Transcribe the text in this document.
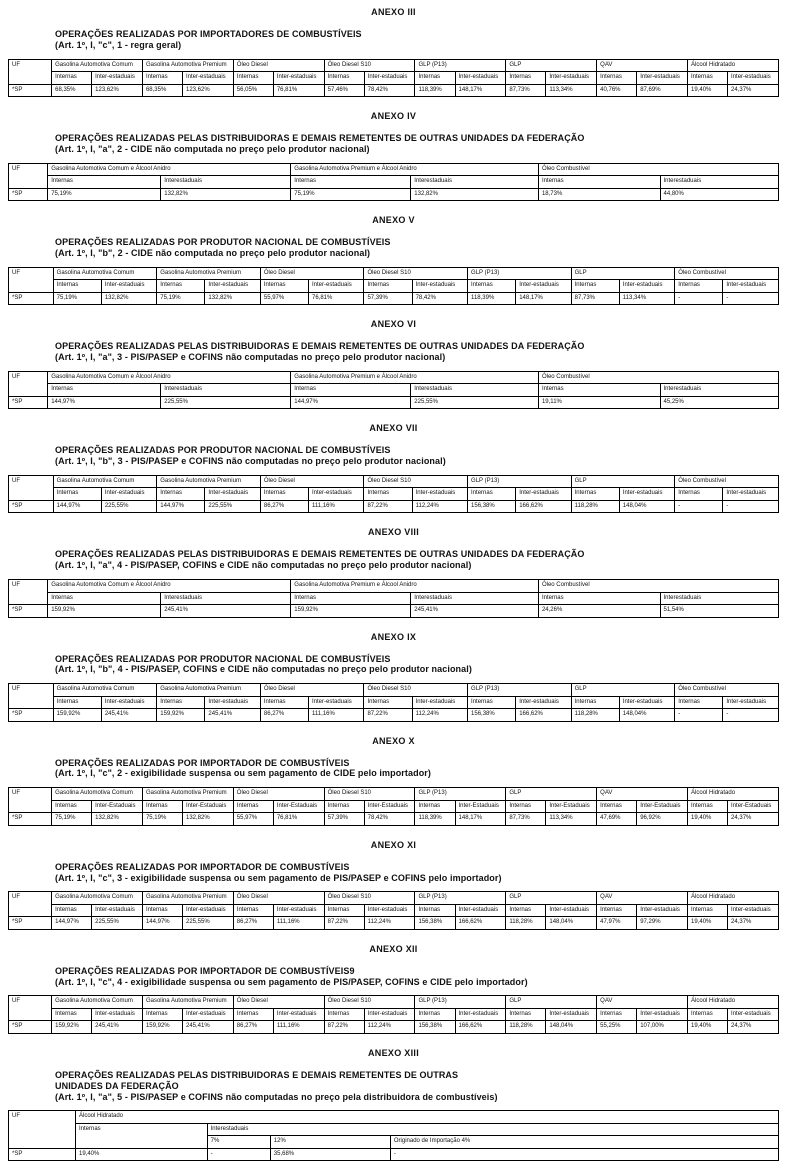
ANEXO III
OPERAÇÕES REALIZADAS POR IMPORTADORES DE COMBUSTÍVEIS
(Art. 1º, I, "c", 1 - regra geral)
UF	Gasolina Automotiva Comum		Gasolina Automotiva Premium		Óleo Diesel		Óleo Diesel S10		GLP (P13)		GLP		QAV		Álcool Hidratado	
	Internas	Inter-estaduais	Internas	Inter-estaduais	Internas	Inter-estaduais	Internas	Inter-estaduais	Internas	Inter-estaduais	Internas	Inter-estaduais	Internas	Inter-estaduais	Internas	Inter-estaduais
*SP	68,35%	123,62%	68,35%	123,62%	56,05%	76,81%	57,46%	78,42%	118,39%	148,17%	87,73%	113,34%	40,76%	87,69%	19,40%	24,37%
ANEXO IV
OPERAÇÕES REALIZADAS PELAS DISTRIBUIDORAS E DEMAIS REMETENTES DE OUTRAS UNIDADES DA FEDERAÇÃO
(Art. 1º, I, "a", 2 - CIDE não computada no preço pelo produtor nacional)
UF	Gasolina Automotiva Comum e Álcool Anidro		Gasolina Automotiva Premium e Álcool Anidro		Óleo Combustível	
	Internas	Interestaduais	Internas	Interestaduais	Internas	Interestaduais
*SP	75,19%	132,82%	75,19%	132,82%	18,73%	44,80%
ANEXO V
OPERAÇÕES REALIZADAS POR PRODUTOR NACIONAL DE COMBUSTÍVEIS
(Art. 1º, I, "b", 2 - CIDE não computada no preço pelo produtor nacional)
UF	Gasolina Automotiva Comum		Gasolina Automotiva Premium		Óleo Diesel		Óleo Diesel S10		GLP (P13)		GLP		Óleo Combustível	
	Internas	Inter-estaduais	Internas	Inter-estaduais	Internas	Inter-estaduais	Internas	Inter-estaduais	Internas	Inter-estaduais	Internas	Inter-estaduais	Internas	Inter-estaduais
*SP	75,19%	132,82%	75,19%	132,82%	55,97%	76,81%	57,39%	78,42%	118,39%	148,17%	87,73%	113,34%	-	-
ANEXO VI
OPERAÇÕES REALIZADAS PELAS DISTRIBUIDORAS E DEMAIS REMETENTES DE OUTRAS UNIDADES DA FEDERAÇÃO
(Art. 1º, I, "a", 3 - PIS/PASEP e COFINS não computadas no preço pelo produtor nacional)
UF	Gasolina Automotiva Comum e Álcool Anidro		Gasolina Automotiva Premium e Álcool Anidro		Óleo Combustível	
	Internas	Interestaduais	Internas	Interestaduais	Internas	Interestaduais
*SP	144,97%	225,55%	144,97%	225,55%	19,11%	45,25%
ANEXO VII
OPERAÇÕES REALIZADAS POR PRODUTOR NACIONAL DE COMBUSTÍVEIS
(Art. 1º, I, "b", 3 - PIS/PASEP e COFINS não computadas no preço pelo produtor nacional)
UF	Gasolina Automotiva Comum		Gasolina Automotiva Premium		Óleo Diesel		Óleo Diesel S10		GLP (P13)		GLP		Óleo Combustível	
	Internas	Inter-estaduais	Internas	Inter-estaduais	Internas	Inter-estaduais	Internas	Inter-estaduais	Internas	Inter-estaduais	Internas	Inter-estaduais	Internas	Inter-estaduais
*SP	144,97%	225,55%	144,97%	225,55%	86,27%	111,16%	87,22%	112,24%	156,38%	166,62%	118,28%	148,04%	-	-
ANEXO VIII
OPERAÇÕES REALIZADAS PELAS DISTRIBUIDORAS E DEMAIS REMETENTES DE OUTRAS UNIDADES DA FEDERAÇÃO
(Art. 1º, I, "a", 4 - PIS/PASEP, COFINS e CIDE não computadas no preço pelo produtor nacional)
UF	Gasolina Automotiva Comum e Álcool Anidro		Gasolina Automotiva Premium e Álcool Anidro		Óleo Combustível	
	Internas	Interestaduais	Internas	Interestaduais	Internas	Interestaduais
*SP	159,92%	245,41%	159,92%	245,41%	24,26%	51,54%
ANEXO IX
OPERAÇÕES REALIZADAS POR PRODUTOR NACIONAL DE COMBUSTÍVEIS
(Art. 1º, I, "b", 4 - PIS/PASEP, COFINS e CIDE não computadas no preço pelo produtor nacional)
UF	Gasolina Automotiva Comum		Gasolina Automotiva Premium		Óleo Diesel		Óleo Diesel S10		GLP (P13)		GLP		Óleo Combustível	
	Internas	Inter-estaduais	Internas	Inter-estaduais	Internas	Inter-estaduais	Internas	Inter-estaduais	Internas	Inter-estaduais	Internas	Inter-estaduais	Internas	Inter-estaduais
*SP	159,92%	245,41%	159,92%	245,41%	86,27%	111,16%	87,22%	112,24%	156,38%	166,62%	118,28%	148,04%	-	-
ANEXO X
OPERAÇÕES REALIZADAS POR IMPORTADOR DE COMBUSTÍVEIS
(Art. 1º, I, "c", 2 - exigibilidade suspensa ou sem pagamento de CIDE pelo importador)
UF	Gasolina Automotiva Comum		Gasolina Automotiva Premium		Óleo Diesel		Óleo Diesel S10		GLP (P13)		GLP		QAV		Álcool Hidratado	
	Internas	Inter-Estaduais	Internas	Inter-Estaduais	Internas	Inter-Estaduais	Internas	Inter-Estaduais	Internas	Inter-Estaduais	Internas	Inter-Estaduais	Internas	Inter-Estaduais	Internas	Inter-Estaduais
*SP	75,19%	132,82%	75,19%	132,82%	55,97%	76,81%	57,39%	78,42%	118,39%	148,17%	87,73%	113,34%	47,69%	96,92%	19,40%	24,37%
ANEXO XI
OPERAÇÕES REALIZADAS POR IMPORTADOR DE COMBUSTÍVEIS
(Art. 1º, I, "c", 3 - exigibilidade suspensa ou sem pagamento de PIS/PASEP e COFINS pelo importador)
UF	Gasolina Automotiva Comum		Gasolina Automotiva Premium		Óleo Diesel		Óleo Diesel S10		GLP (P13)		GLP		QAV		Álcool Hidratado	
	Internas	Inter-estaduais	Internas	Inter-estaduais	Internas	Inter-estaduais	Internas	Inter-estaduais	Internas	Inter-estaduais	Internas	Inter-estaduais	Internas	Inter-estaduais	Internas	Inter-estaduais
*SP	144,97%	225,55%	144,97%	225,55%	86,27%	111,16%	87,22%	112,24%	156,38%	166,62%	118,28%	148,04%	47,97%	97,29%	19,40%	24,37%
ANEXO XII
OPERAÇÕES REALIZADAS POR IMPORTADOR DE COMBUSTÍVEIS9
(Art. 1º, I, "c", 4 - exigibilidade suspensa ou sem pagamento de PIS/PASEP, COFINS e CIDE pelo importador)
UF	Gasolina Automotiva Comum		Gasolina Automotiva Premium		Óleo Diesel		Óleo Diesel S10		GLP (P13)		GLP		QAV		Álcool Hidratado	
	Internas	Inter-estaduais	Internas	Inter-estaduais	Internas	Inter-estaduais	Internas	Inter-estaduais	Internas	Inter-estaduais	Internas	Inter-estaduais	Internas	Inter-estaduais	Internas	Inter-estaduais
*SP	159,92%	245,41%	159,92%	245,41%	86,27%	111,16%	87,22%	112,24%	156,38%	166,62%	118,28%	148,04%	55,25%	107,00%	19,40%	24,37%
ANEXO XIII
OPERAÇÕES REALIZADAS PELAS DISTRIBUIDORAS E DEMAIS REMETENTES DE OUTRAS
UNIDADES DA FEDERAÇÃO
(Art. 1º, I, "a", 5 - PIS/PASEP e COFINS não computadas no preço pela distribuidora de combustíveis)
UF	Álcool Hidratado			
	Internas	Interestaduais		
		7%	12%	Originado de Importação 4%
*SP	19,40%	-	35,68%	-
